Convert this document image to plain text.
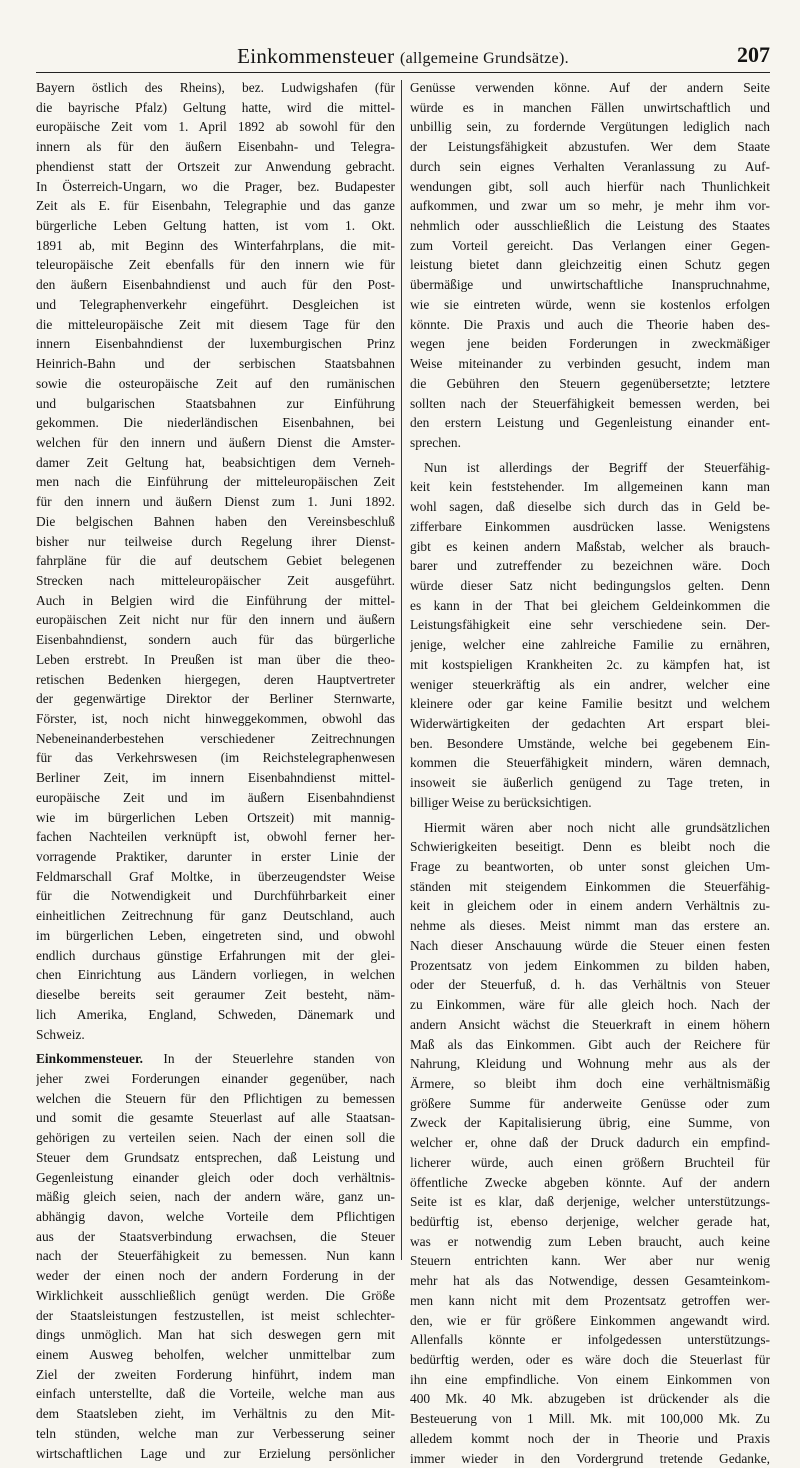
Einkommensteuer (allgemeine Grundsätze).	207
Bayern östlich des Rheins), bez. Ludwigshafen (für
die bayrische Pfalz) Geltung hatte, wird die mittel-
europäische Zeit vom 1. April 1892 ab sowohl für den
innern als für den äußern Eisenbahn- und Telegra-
phendienst statt der Ortszeit zur Anwendung gebracht.
In Österreich-Ungarn, wo die Prager, bez. Budapester
Zeit als E. für Eisenbahn, Telegraphie und das ganze
bürgerliche Leben Geltung hatten, ist vom 1. Okt.
1891 ab, mit Beginn des Winterfahrplans, die mit-
teleuropäische Zeit ebenfalls für den innern wie für
den äußern Eisenbahndienst und auch für den Post-
und Telegraphenverkehr eingeführt. Desgleichen ist
die mitteleuropäische Zeit mit diesem Tage für den
innern Eisenbahndienst der luxemburgischen Prinz
Heinrich-Bahn und der serbischen Staatsbahnen
sowie die osteuropäische Zeit auf den rumänischen
und bulgarischen Staatsbahnen zur Einführung
gekommen. Die niederländischen Eisenbahnen, bei
welchen für den innern und äußern Dienst die Amster-
damer Zeit Geltung hat, beabsichtigen dem Verneh-
men nach die Einführung der mitteleuropäischen Zeit
für den innern und äußern Dienst zum 1. Juni 1892.
Die belgischen Bahnen haben den Vereinsbeschluß
bisher nur teilweise durch Regelung ihrer Dienst-
fahrpläne für die auf deutschem Gebiet belegenen
Strecken nach mitteleuropäischer Zeit ausgeführt.
Auch in Belgien wird die Einführung der mittel-
europäischen Zeit nicht nur für den innern und äußern
Eisenbahndienst, sondern auch für das bürgerliche
Leben erstrebt. In Preußen ist man über die theo-
retischen Bedenken hiergegen, deren Hauptvertreter
der gegenwärtige Direktor der Berliner Sternwarte,
Förster, ist, noch nicht hinweggekommen, obwohl das
Nebeneinanderbestehen verschiedener Zeitrechnungen
für das Verkehrswesen (im Reichstelegraphenwesen
Berliner Zeit, im innern Eisenbahndienst mittel-
europäische Zeit und im äußern Eisenbahndienst
wie im bürgerlichen Leben Ortszeit) mit mannig-
fachen Nachteilen verknüpft ist, obwohl ferner her-
vorragende Praktiker, darunter in erster Linie der
Feldmarschall Graf Moltke, in überzeugendster Weise
für die Notwendigkeit und Durchführbarkeit einer
einheitlichen Zeitrechnung für ganz Deutschland, auch
im bürgerlichen Leben, eingetreten sind, und obwohl
endlich durchaus günstige Erfahrungen mit der glei-
chen Einrichtung aus Ländern vorliegen, in welchen
dieselbe bereits seit geraumer Zeit besteht, näm-
lich Amerika, England, Schweden, Dänemark und
Schweiz.
Einkommensteuer. In der Steuerlehre standen von
jeher zwei Forderungen einander gegenüber, nach
welchen die Steuern für den Pflichtigen zu bemessen
und somit die gesamte Steuerlast auf alle Staatsan-
gehörigen zu verteilen seien. Nach der einen soll die
Steuer dem Grundsatz entsprechen, daß Leistung und
Gegenleistung einander gleich oder doch verhältnis-
mäßig gleich seien, nach der andern wäre, ganz un-
abhängig davon, welche Vorteile dem Pflichtigen
aus der Staatsverbindung erwachsen, die Steuer
nach der Steuerfähigkeit zu bemessen. Nun kann
weder der einen noch der andern Forderung in der
Wirklichkeit ausschließlich genügt werden. Die Größe
der Staatsleistungen festzustellen, ist meist schlechter-
dings unmöglich. Man hat sich deswegen gern mit
einem Ausweg beholfen, welcher unmittelbar zum
Ziel der zweiten Forderung hinführt, indem man
einfach unterstellte, daß die Vorteile, welche man aus
dem Staatsleben zieht, im Verhältnis zu den Mit-
teln stünden, welche man zur Verbesserung seiner
wirtschaftlichen Lage und zur Erzielung persönlicher
Genüsse verwenden könne. Auf der andern Seite
würde es in manchen Fällen unwirtschaftlich und
unbillig sein, zu fordernde Vergütungen lediglich nach
der Leistungsfähigkeit abzustufen. Wer dem Staate
durch sein eignes Verhalten Veranlassung zu Auf-
wendungen gibt, soll auch hierfür nach Thunlichkeit
aufkommen, und zwar um so mehr, je mehr ihm vor-
nehmlich oder ausschließlich die Leistung des Staates
zum Vorteil gereicht. Das Verlangen einer Gegen-
leistung bietet dann gleichzeitig einen Schutz gegen
übermäßige und unwirtschaftliche Inanspruchnahme,
wie sie eintreten würde, wenn sie kostenlos erfolgen
könnte. Die Praxis und auch die Theorie haben des-
wegen jene beiden Forderungen in zweckmäßiger
Weise miteinander zu verbinden gesucht, indem man
die Gebühren den Steuern gegenübersetzte; letztere
sollten nach der Steuerfähigkeit bemessen werden, bei
den erstern Leistung und Gegenleistung einander ent-
sprechen.
Nun ist allerdings der Begriff der Steuerfähig-
keit kein feststehender. Im allgemeinen kann man
wohl sagen, daß dieselbe sich durch das in Geld be-
zifferbare Einkommen ausdrücken lasse. Wenigstens
gibt es keinen andern Maßstab, welcher als brauch-
barer und zutreffender zu bezeichnen wäre. Doch
würde dieser Satz nicht bedingungslos gelten. Denn
es kann in der That bei gleichem Geldeinkommen die
Leistungsfähigkeit eine sehr verschiedene sein. Der-
jenige, welcher eine zahlreiche Familie zu ernähren,
mit kostspieligen Krankheiten 2c. zu kämpfen hat, ist
weniger steuerkräftig als ein andrer, welcher eine
kleinere oder gar keine Familie besitzt und welchem
Widerwärtigkeiten der gedachten Art erspart blei-
ben. Besondere Umstände, welche bei gegebenem Ein-
kommen die Steuerfähigkeit mindern, wären demnach,
insoweit sie äußerlich genügend zu Tage treten, in
billiger Weise zu berücksichtigen.
Hiermit wären aber noch nicht alle grundsätzlichen
Schwierigkeiten beseitigt. Denn es bleibt noch die
Frage zu beantworten, ob unter sonst gleichen Um-
ständen mit steigendem Einkommen die Steuerfähig-
keit in gleichem oder in einem andern Verhältnis zu-
nehme als dieses. Meist nimmt man das erstere an.
Nach dieser Anschauung würde die Steuer einen festen
Prozentsatz von jedem Einkommen zu bilden haben,
oder der Steuerfuß, d. h. das Verhältnis von Steuer
zu Einkommen, wäre für alle gleich hoch. Nach der
andern Ansicht wächst die Steuerkraft in einem höhern
Maß als das Einkommen. Gibt auch der Reichere für
Nahrung, Kleidung und Wohnung mehr aus als der
Ärmere, so bleibt ihm doch eine verhältnismäßig
größere Summe für anderweite Genüsse oder zum
Zweck der Kapitalisierung übrig, eine Summe, von
welcher er, ohne daß der Druck dadurch ein empfind-
licherer würde, auch einen größern Bruchteil für
öffentliche Zwecke abgeben könnte. Auf der andern
Seite ist es klar, daß derjenige, welcher unterstützungs-
bedürftig ist, ebenso derjenige, welcher gerade hat,
was er notwendig zum Leben braucht, auch keine
Steuern entrichten kann. Wer aber nur wenig
mehr hat als das Notwendige, dessen Gesamteinkom-
men kann nicht mit dem Prozentsatz getroffen wer-
den, wie er für größere Einkommen angewandt wird.
Allenfalls könnte er infolgedessen unterstützungs-
bedürftig werden, oder es wäre doch die Steuerlast für
ihn eine empfindliche. Von einem Einkommen von
400 Mk. 40 Mk. abzugeben ist drückender als die
Besteuerung von 1 Mill. Mk. mit 100,000 Mk. Zu
alledem kommt noch der in Theorie und Praxis
immer wieder in den Vordergrund tretende Gedanke,
